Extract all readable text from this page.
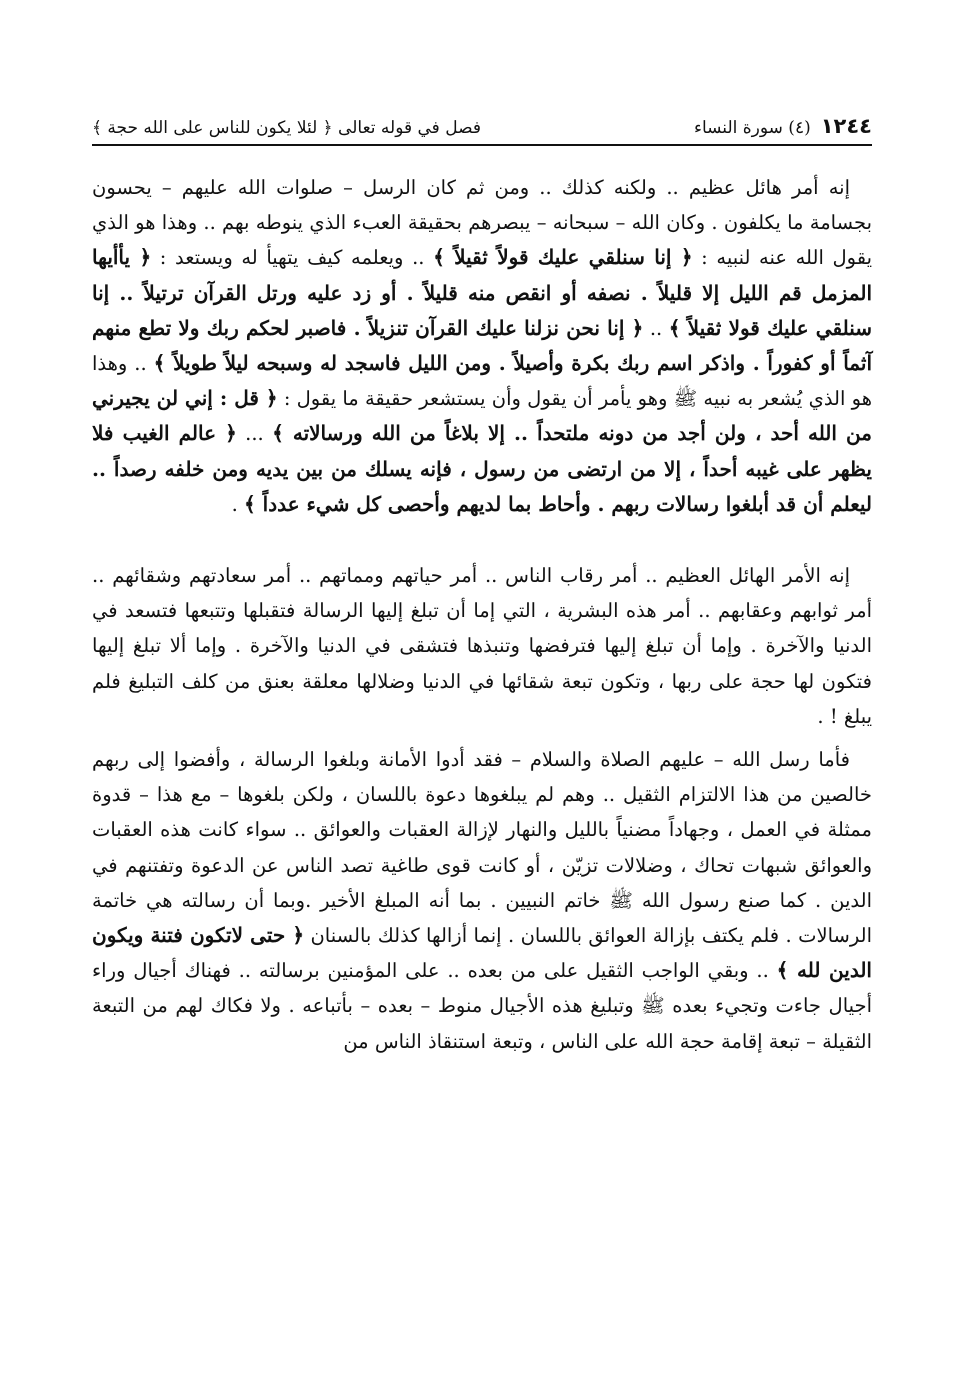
١٢٤٤
(٤) سورة النساء
فصل في قوله تعالى ﴿ لئلا يكون للناس على الله حجة ﴾

إنه أمر هائل عظيم .. ولكنه كذلك .. ومن ثم كان الرسل – صلوات الله عليهم – يحسون بجسامة ما يكلفون . وكان الله – سبحانه – يبصرهم بحقيقة العبء الذي ينوطه بهم .. وهذا هو الذي يقول الله عنه لنبيه : ﴿ إنا سنلقي عليك قولاً ثقيلاً ﴾ .. ويعلمه كيف يتهيأ له ويستعد : ﴿ يأأيها المزمل قم الليل إلا قليلاً . نصفه أو انقص منه قليلاً . أو زد عليه ورتل القرآن ترتيلاً .. إنا سنلقي عليك قولا ثقيلاً ﴾ .. ﴿ إنا نحن نزلنا عليك القرآن تنزيلاً . فاصبر لحكم ربك ولا تطع منهم آثماً أو كفوراً . واذكر اسم ربك بكرة وأصيلاً . ومن الليل فاسجد له وسبحه ليلاً طويلاً ﴾ .. وهذا هو الذي يُشعر به نبيه ﷺ وهو يأمر أن يقول وأن يستشعر حقيقة ما يقول : ﴿ قل : إني لن يجيرني من الله أحد ، ولن أجد من دونه ملتحداً .. إلا بلاغاً من الله ورسالاته ﴾ ... ﴿ عالم الغيب فلا يظهر على غيبه أحداً ، إلا من ارتضى من رسول ، فإنه يسلك من بين يديه ومن خلفه رصداً .. ليعلم أن قد أبلغوا رسالات ربهم . وأحاط بما لديهم وأحصى كل شيء عدداً ﴾ .

إنه الأمر الهائل العظيم .. أمر رقاب الناس .. أمر حياتهم ومماتهم .. أمر سعادتهم وشقائهم .. أمر ثوابهم وعقابهم .. أمر هذه البشرية ، التي إما أن تبلغ إليها الرسالة فتقبلها وتتبعها فتسعد في الدنيا والآخرة . وإما أن تبلغ إليها فترفضها وتنبذها فتشقى في الدنيا والآخرة . وإما ألا تبلغ إليها فتكون لها حجة على ربها ، وتكون تبعة شقائها في الدنيا وضلالها معلقة بعنق من كلف التبليغ فلم يبلغ ! .

فأما رسل الله – عليهم الصلاة والسلام – فقد أدوا الأمانة وبلغوا الرسالة ، وأفضوا إلى ربهم خالصين من هذا الالتزام الثقيل .. وهم لم يبلغوها دعوة باللسان ، ولكن بلغوها – مع هذا – قدوة ممثلة في العمل ، وجهاداً مضنياً بالليل والنهار لإزالة العقبات والعوائق .. سواء كانت هذه العقبات والعوائق شبهات تحاك ، وضلالات تزيّن ، أو كانت قوى طاغية تصد الناس عن الدعوة وتفتنهم في الدين . كما صنع رسول الله ﷺ خاتم النبيين . بما أنه المبلغ الأخير .وبما أن رسالته هي خاتمة الرسالات . فلم يكتف بإزالة العوائق باللسان . إنما أزالها كذلك بالسنان ﴿ حتى لاتكون فتنة ويكون الدين لله ﴾ .. وبقي الواجب الثقيل على من بعده .. على المؤمنين برسالته .. فهناك أجيال وراء أجيال جاءت وتجيء بعده ﷺ وتبليغ هذه الأجيال منوط – بعده – بأتباعه . ولا فكاك لهم من التبعة الثقيلة – تبعة إقامة حجة الله على الناس ، وتبعة استنقاذ الناس من
